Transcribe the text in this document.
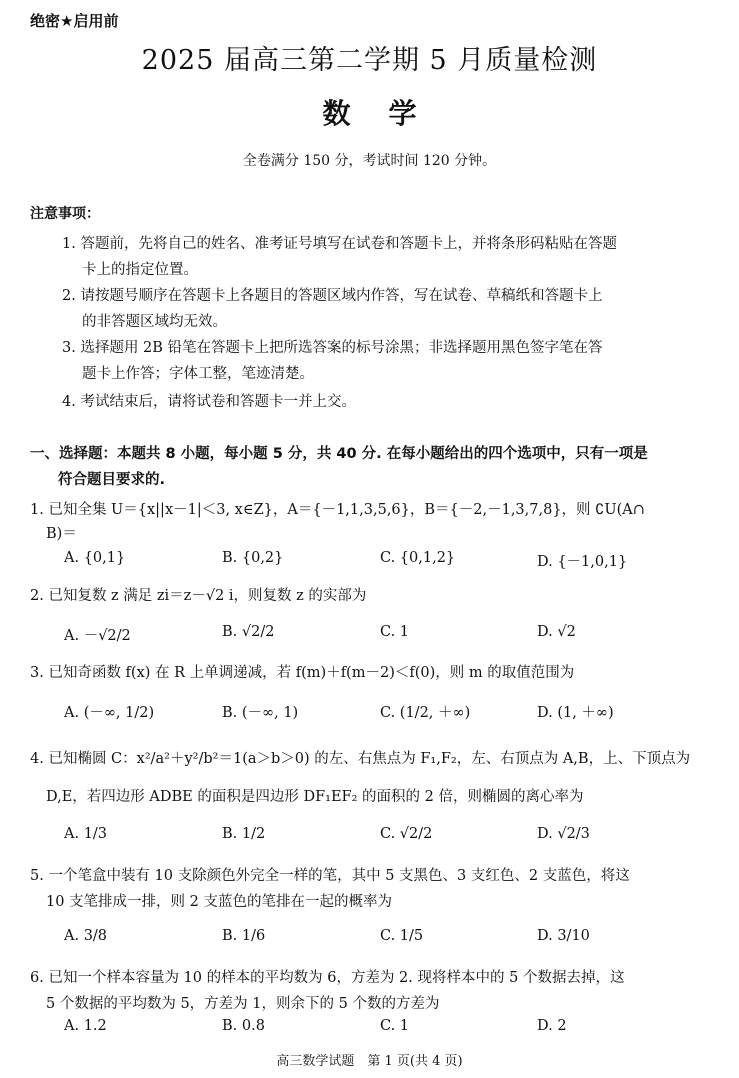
绝密★启用前
2025 届高三第二学期 5 月质量检测
数学
全卷满分 150 分，考试时间 120 分钟。
注意事项：
1. 答题前，先将自己的姓名、准考证号填写在试卷和答题卡上，并将条形码粘贴在答题
卡上的指定位置。
2. 请按题号顺序在答题卡上各题目的答题区域内作答，写在试卷、草稿纸和答题卡上
的非答题区域均无效。
3. 选择题用 2B 铅笔在答题卡上把所选答案的标号涂黑；非选择题用黑色签字笔在答
题卡上作答；字体工整，笔迹清楚。
4. 考试结束后，请将试卷和答题卡一并上交。
一、选择题：本题共 8 小题，每小题 5 分，共 40 分. 在每小题给出的四个选项中，只有一项是
符合题目要求的.
1. 已知全集 U＝{x||x－1|＜3, x∈Z}，A＝{－1,1,3,5,6}，B＝{－2,－1,3,7,8}，则 ∁U(A∩
B)＝
A. {0,1}	B. {0,2}	C. {0,1,2}	D. {－1,0,1}
2. 已知复数 z 满足 zi＝z－√2 i，则复数 z 的实部为
A. －√2/2	B. √2/2	C. 1	D. √2
3. 已知奇函数 f(x) 在 R 上单调递减，若 f(m)＋f(m－2)＜f(0)，则 m 的取值范围为
A. (－∞, 1/2)	B. (－∞, 1)	C. (1/2, ＋∞)	D. (1, ＋∞)
4. 已知椭圆 C：x²/a²＋y²/b²＝1(a＞b＞0) 的左、右焦点为 F₁,F₂，左、右顶点为 A,B，上、下顶点为
D,E，若四边形 ADBE 的面积是四边形 DF₁EF₂ 的面积的 2 倍，则椭圆的离心率为
A. 1/3	B. 1/2	C. √2/2	D. √2/3
5. 一个笔盒中装有 10 支除颜色外完全一样的笔，其中 5 支黑色、3 支红色、2 支蓝色，将这
10 支笔排成一排，则 2 支蓝色的笔排在一起的概率为
A. 3/8	B. 1/6	C. 1/5	D. 3/10
6. 已知一个样本容量为 10 的样本的平均数为 6，方差为 2. 现将样本中的 5 个数据去掉，这
5 个数据的平均数为 5，方差为 1，则余下的 5 个数的方差为
A. 1.2	B. 0.8	C. 1	D. 2
高三数学试题　第 1 页(共 4 页)
